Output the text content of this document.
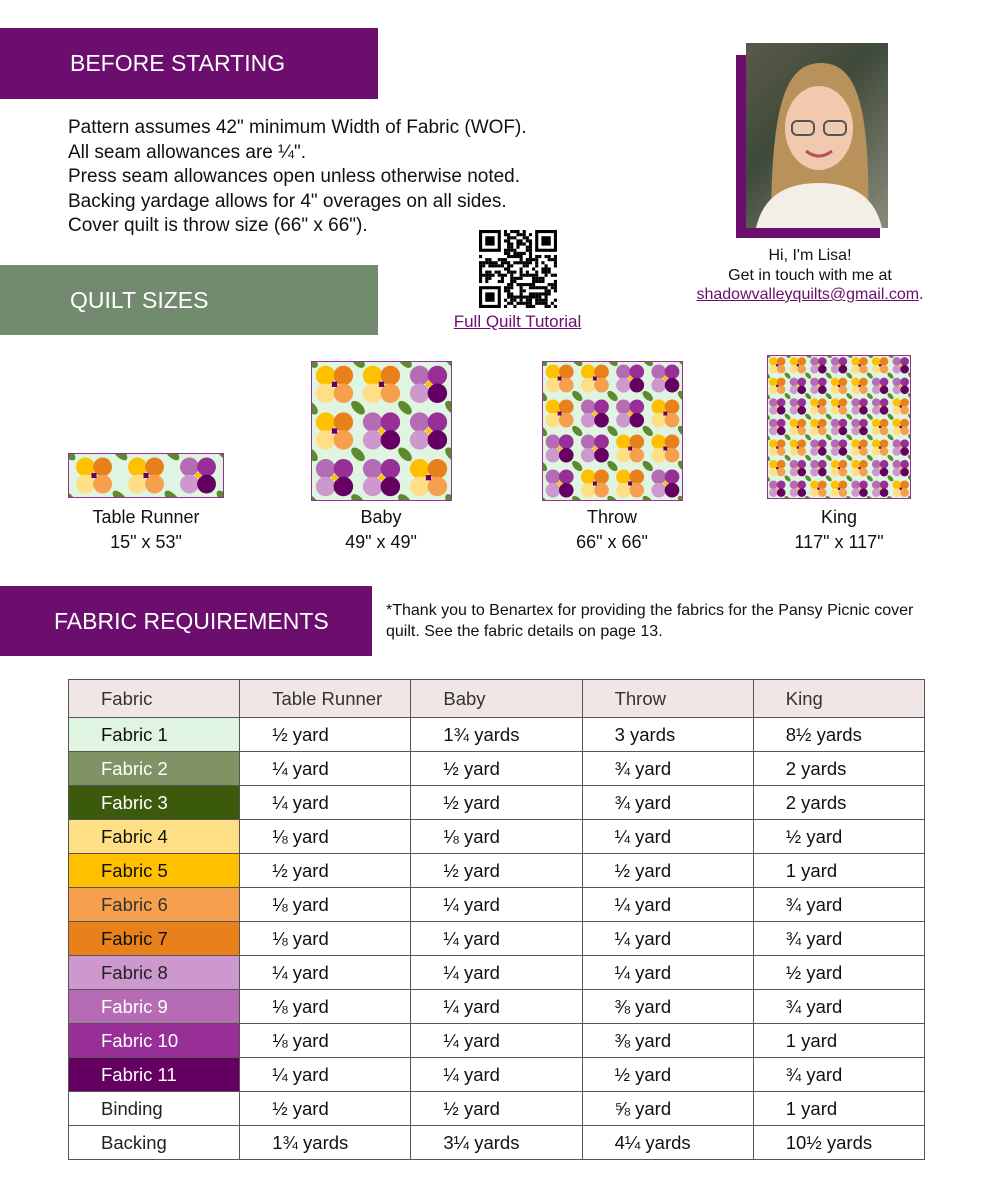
BEFORE STARTING
Pattern assumes 42" minimum Width of Fabric (WOF).
All seam allowances are ¼".
Press seam allowances open unless otherwise noted.
Backing yardage allows for 4" overages on all sides.
Cover quilt is throw size (66" x 66").
Full Quilt Tutorial
Hi, I'm Lisa!
Get in touch with me at
shadowvalleyquilts@gmail.com.
QUILT SIZES
Table Runner
15" x 53"
Baby
49" x 49"
Throw
66" x 66"
King
117" x 117"
FABRIC REQUIREMENTS	*Thank you to Benartex for providing the fabrics for the Pansy Picnic cover quilt. See the fabric details on page 13.
Fabric	Table Runner	Baby	Throw	King
Fabric 1	½ yard	1¾ yards	3 yards	8½ yards
Fabric 2	¼ yard	½ yard	¾ yard	2 yards
Fabric 3	¼ yard	½ yard	¾ yard	2 yards
Fabric 4	⅛ yard	⅛ yard	¼ yard	½ yard
Fabric 5	½ yard	½ yard	½ yard	1 yard
Fabric 6	⅛ yard	¼ yard	¼ yard	¾ yard
Fabric 7	⅛ yard	¼ yard	¼ yard	¾ yard
Fabric 8	¼ yard	¼ yard	¼ yard	½ yard
Fabric 9	⅛ yard	¼ yard	⅜ yard	¾ yard
Fabric 10	⅛ yard	¼ yard	⅜ yard	1 yard
Fabric 11	¼ yard	¼ yard	½ yard	¾ yard
Binding	½ yard	½ yard	⅝ yard	1 yard
Backing	1¾ yards	3¼ yards	4¼ yards	10½ yards
